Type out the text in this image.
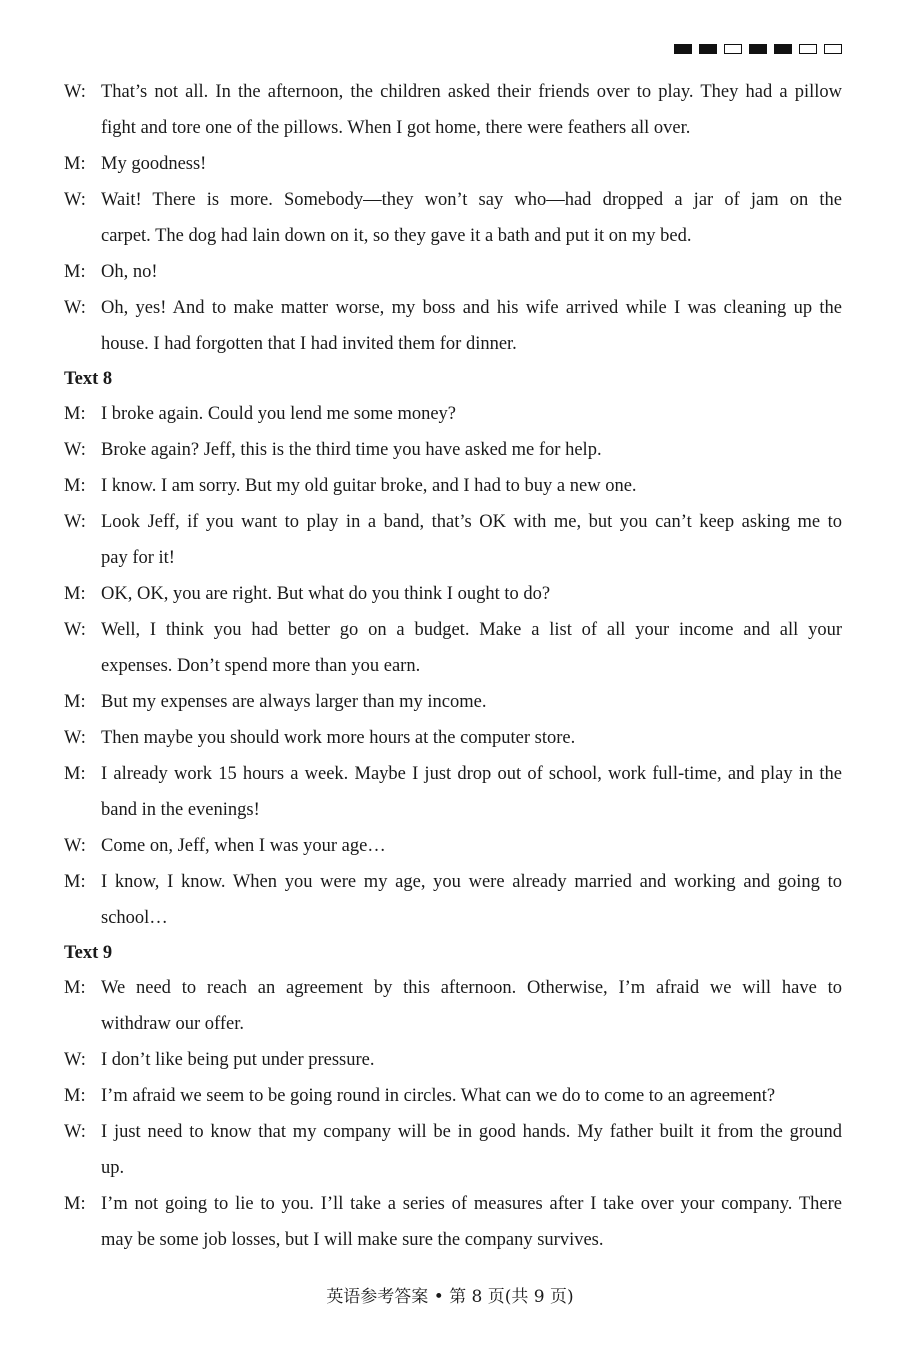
W: That’s not all. In the afternoon, the children asked their friends over to play. They had a pillow
fight and tore one of the pillows. When I got home, there were feathers all over.
M: My goodness!
W: Wait! There is more. Somebody—they won’t say who—had dropped a jar of jam on the
carpet. The dog had lain down on it, so they gave it a bath and put it on my bed.
M: Oh, no!
W: Oh, yes! And to make matter worse, my boss and his wife arrived while I was cleaning up the
house. I had forgotten that I had invited them for dinner.
Text 8
M: I broke again. Could you lend me some money?
W: Broke again? Jeff, this is the third time you have asked me for help.
M: I know. I am sorry. But my old guitar broke, and I had to buy a new one.
W: Look Jeff, if you want to play in a band, that’s OK with me, but you can’t keep asking me to
pay for it!
M: OK, OK, you are right. But what do you think I ought to do?
W: Well, I think you had better go on a budget. Make a list of all your income and all your
expenses. Don’t spend more than you earn.
M: But my expenses are always larger than my income.
W: Then maybe you should work more hours at the computer store.
M: I already work 15 hours a week. Maybe I just drop out of school, work full-time, and play in the
band in the evenings!
W: Come on, Jeff, when I was your age…
M: I know, I know. When you were my age, you were already married and working and going to
school…
Text 9
M: We need to reach an agreement by this afternoon. Otherwise, I’m afraid we will have to
withdraw our offer.
W: I don’t like being put under pressure.
M: I’m afraid we seem to be going round in circles. What can we do to come to an agreement?
W: I just need to know that my company will be in good hands. My father built it from the ground
up.
M: I’m not going to lie to you. I’ll take a series of measures after I take over your company. There
may be some job losses, but I will make sure the company survives.
英语参考答案 • 第 8 页(共 9 页)
